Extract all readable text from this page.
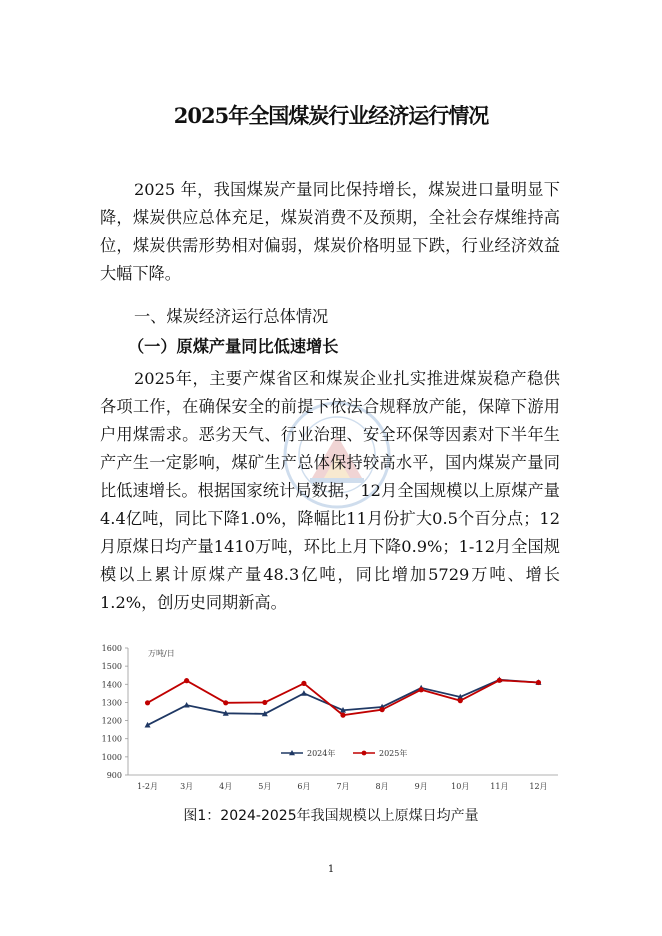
2025年全国煤炭行业经济运行情况

2025 年，我国煤炭产量同比保持增长，煤炭进口量明显下降，煤炭供应总体充足，煤炭消费不及预期，全社会存煤维持高位，煤炭供需形势相对偏弱，煤炭价格明显下跌，行业经济效益大幅下降。

一、煤炭经济运行总体情况
（一）原煤产量同比低速增长

2025年，主要产煤省区和煤炭企业扎实推进煤炭稳产稳供各项工作，在确保安全的前提下依法合规释放产能，保障下游用户用煤需求。恶劣天气、行业治理、安全环保等因素对下半年生产产生一定影响，煤矿生产总体保持较高水平，国内煤炭产量同比低速增长。根据国家统计局数据，12月全国规模以上原煤产量4.4亿吨，同比下降1.0%，降幅比11月份扩大0.5个百分点；12月原煤日均产量1410万吨，环比上月下降0.9%；1-12月全国规模以上累计原煤产量48.3亿吨，同比增加5729万吨、增长1.2%，创历史同期新高。

万吨/日
900
1000
1100
1200
1300
1400
1500
1600
1-2月	3月	4月	5月	6月	7月	8月	9月	10月	11月	12月
2024年	2025年
图1：2024-2025年我国规模以上原煤日均产量
1
